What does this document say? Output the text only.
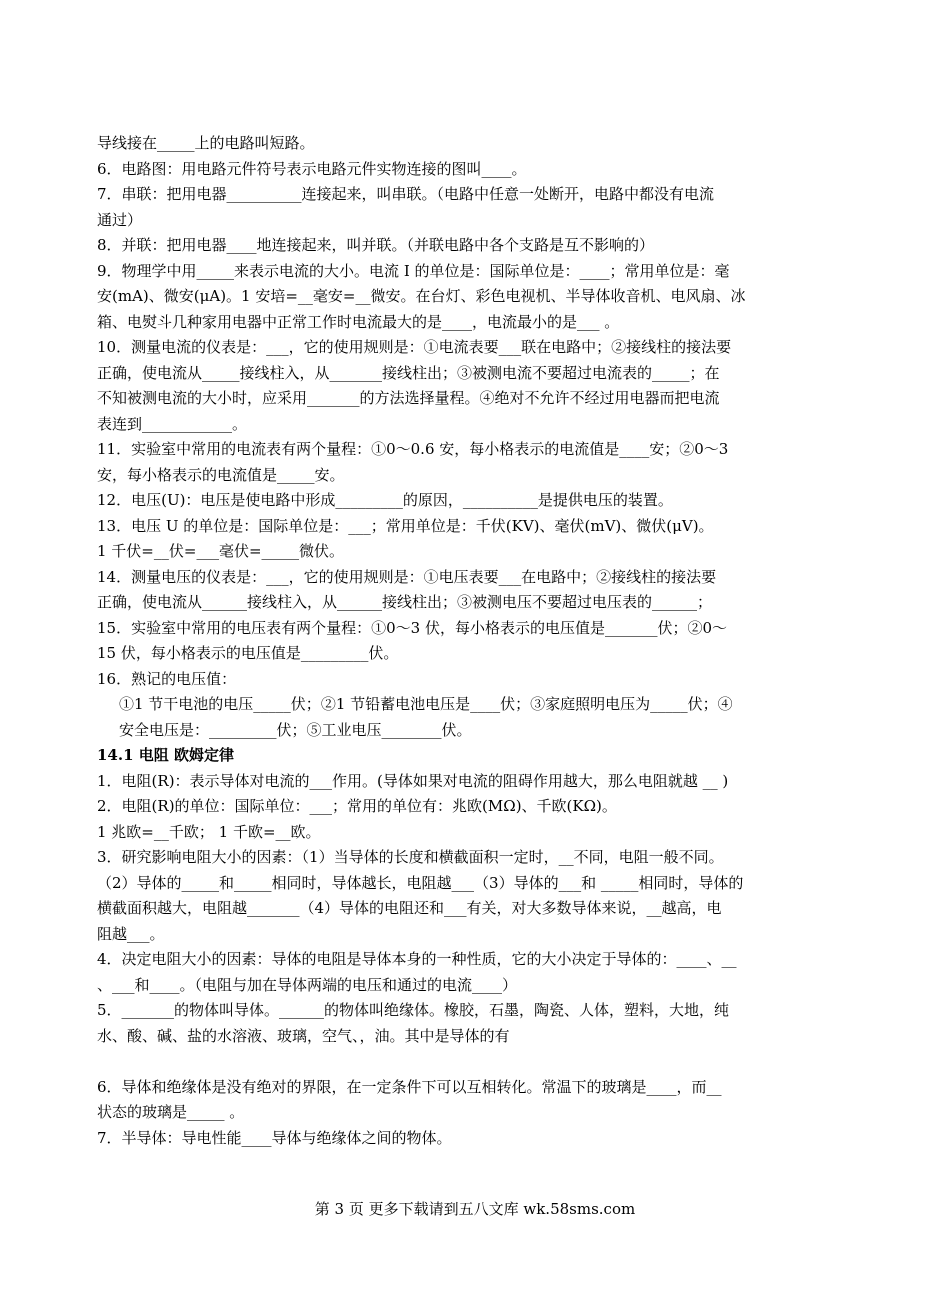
导线接在_____上的电路叫短路。
6．电路图：用电路元件符号表示电路元件实物连接的图叫____。
7．串联：把用电器__________连接起来，叫串联。（电路中任意一处断开，电路中都没有电流
通过）
8．并联：把用电器____地连接起来，叫并联。（并联电路中各个支路是互不影响的）
9．物理学中用_____来表示电流的大小。电流 I 的单位是：国际单位是：____；常用单位是：毫
安(mA)、微安(μA)。1 安培=__毫安=__微安。在台灯、彩色电视机、半导体收音机、电风扇、冰
箱、电熨斗几种家用电器中正常工作时电流最大的是____，电流最小的是___ 。
10．测量电流的仪表是：___，它的使用规则是：①电流表要___联在电路中；②接线柱的接法要
正确，使电流从_____接线柱入，从_______接线柱出；③被测电流不要超过电流表的_____；在
不知被测电流的大小时，应采用_______的方法选择量程。④绝对不允许不经过用电器而把电流
表连到____________。
11．实验室中常用的电流表有两个量程：①0～0.6 安，每小格表示的电流值是____安；②0～3
安，每小格表示的电流值是_____安。
12．电压(U)：电压是使电路中形成_________的原因，__________是提供电压的装置。
13．电压 U 的单位是：国际单位是：___；常用单位是：千伏(KV)、毫伏(mV)、微伏(μV)。
1 千伏=__伏=___毫伏=_____微伏。
14．测量电压的仪表是：___，它的使用规则是：①电压表要___在电路中；②接线柱的接法要
正确，使电流从______接线柱入，从______接线柱出；③被测电压不要超过电压表的______；
15．实验室中常用的电压表有两个量程：①0～3 伏，每小格表示的电压值是_______伏；②0～
15 伏，每小格表示的电压值是_________伏。
16．熟记的电压值：
①1 节干电池的电压_____伏；②1 节铅蓄电池电压是____伏；③家庭照明电压为_____伏；④
安全电压是：_________伏；⑤工业电压________伏。
14.1 电阻 欧姆定律
1．电阻(R)：表示导体对电流的___作用。(导体如果对电流的阻碍作用越大，那么电阻就越 __ )
2．电阻(R)的单位：国际单位：___；常用的单位有：兆欧(MΩ)、千欧(KΩ)。
1 兆欧=__千欧； 1 千欧=__欧。
3．研究影响电阻大小的因素：（1）当导体的长度和横截面积一定时，__不同，电阻一般不同。
（2）导体的_____和_____相同时，导体越长，电阻越___（3）导体的___和 _____相同时，导体的
横截面积越大，电阻越_______（4）导体的电阻还和___有关，对大多数导体来说，__越高，电
阻越___。
4．决定电阻大小的因素：导体的电阻是导体本身的一种性质，它的大小决定于导体的：____、__
、___和____。（电阻与加在导体两端的电压和通过的电流____）
5．_______的物体叫导体。______的物体叫绝缘体。橡胶，石墨，陶瓷、人体，塑料，大地，纯
水、酸、碱、盐的水溶液、玻璃，空气、，油。其中是导体的有
6．导体和绝缘体是没有绝对的界限，在一定条件下可以互相转化。常温下的玻璃是____，而__
状态的玻璃是_____ 。
7．半导体：导电性能____导体与绝缘体之间的物体。
第 3 页 更多下载请到五八文库 wk.58sms.com
